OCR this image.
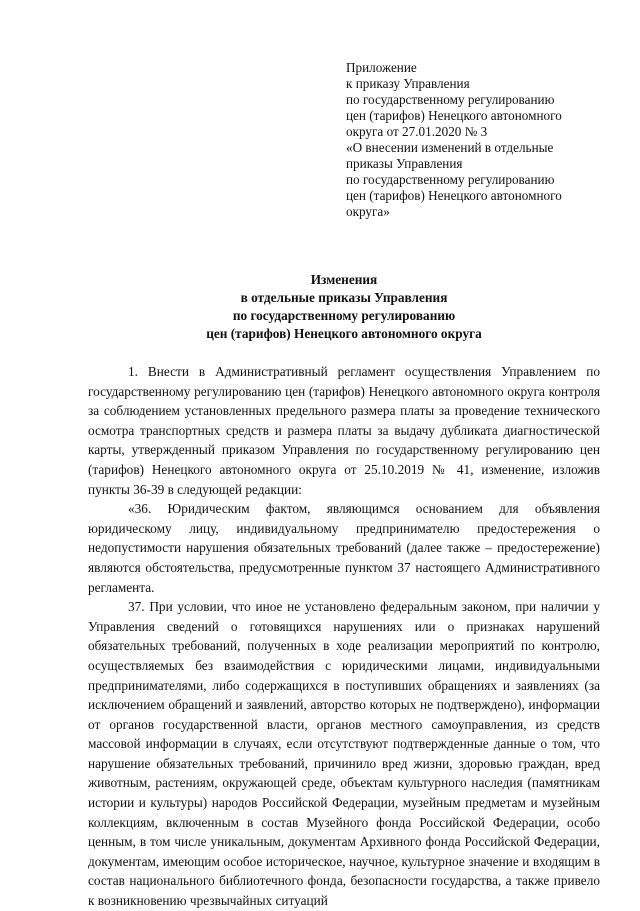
Приложение
к приказу Управления
по государственному регулированию
цен (тарифов) Ненецкого автономного
округа от 27.01.2020 № 3
«О внесении изменений в отдельные
приказы Управления
по государственному регулированию
цен (тарифов) Ненецкого автономного
округа»
Изменения
в отдельные приказы Управления
по государственному регулированию
цен (тарифов) Ненецкого автономного округа

1. Внести в Административный регламент осуществления Управлением по государственному регулированию цен (тарифов) Ненецкого автономного округа контроля за соблюдением установленных предельного размера платы за проведение технического осмотра транспортных средств и размера платы за выдачу дубликата диагностической карты, утвержденный приказом Управления по государственному регулированию цен (тарифов) Ненецкого автономного округа от 25.10.2019 № 41, изменение, изложив пункты 36-39 в следующей редакции:

«36. Юридическим фактом, являющимся основанием для объявления юридическому лицу, индивидуальному предпринимателю предостережения о недопустимости нарушения обязательных требований (далее также – предостережение) являются обстоятельства, предусмотренные пунктом 37 настоящего Административного регламента.

37. При условии, что иное не установлено федеральным законом, при наличии у Управления сведений о готовящихся нарушениях или о признаках нарушений обязательных требований, полученных в ходе реализации мероприятий по контролю, осуществляемых без взаимодействия с юридическими лицами, индивидуальными предпринимателями, либо содержащихся в поступивших обращениях и заявлениях (за исключением обращений и заявлений, авторство которых не подтверждено), информации от органов государственной власти, органов местного самоуправления, из средств массовой информации в случаях, если отсутствуют подтвержденные данные о том, что нарушение обязательных требований, причинило вред жизни, здоровью граждан, вред животным, растениям, окружающей среде, объектам культурного наследия (памятникам истории и культуры) народов Российской Федерации, музейным предметам и музейным коллекциям, включенным в состав Музейного фонда Российской Федерации, особо ценным, в том числе уникальным, документам Архивного фонда Российской Федерации, документам, имеющим особое историческое, научное, культурное значение и входящим в состав национального библиотечного фонда, безопасности государства, а также привело к возникновению чрезвычайных ситуаций
